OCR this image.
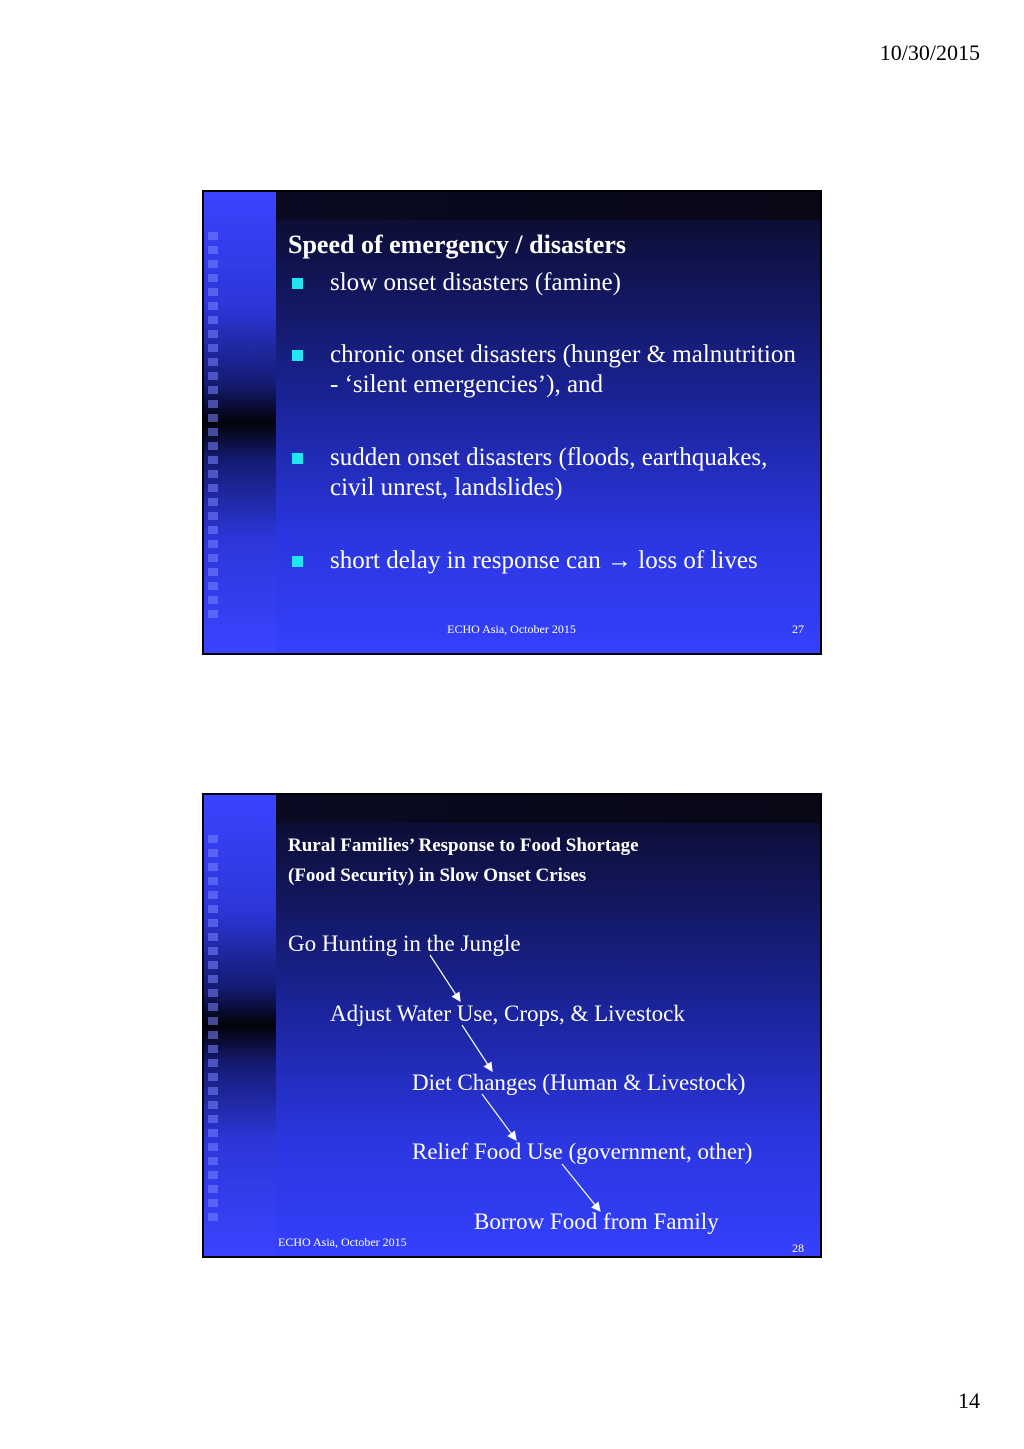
10/30/2015
Speed of emergency / disasters
slow onset disasters (famine)
chronic onset disasters (hunger & malnutrition - ‘silent emergencies’), and
sudden onset disasters (floods, earthquakes, civil unrest, landslides)
short delay in response can → loss of lives
ECHO Asia, October 2015	27
Rural Families’ Response to Food Shortage
(Food Security) in Slow Onset Crises
Go Hunting in the Jungle
Adjust Water Use, Crops, & Livestock
Diet Changes (Human & Livestock)
Relief Food Use (government, other)
Borrow Food from Family
ECHO Asia, October 2015	28
14
